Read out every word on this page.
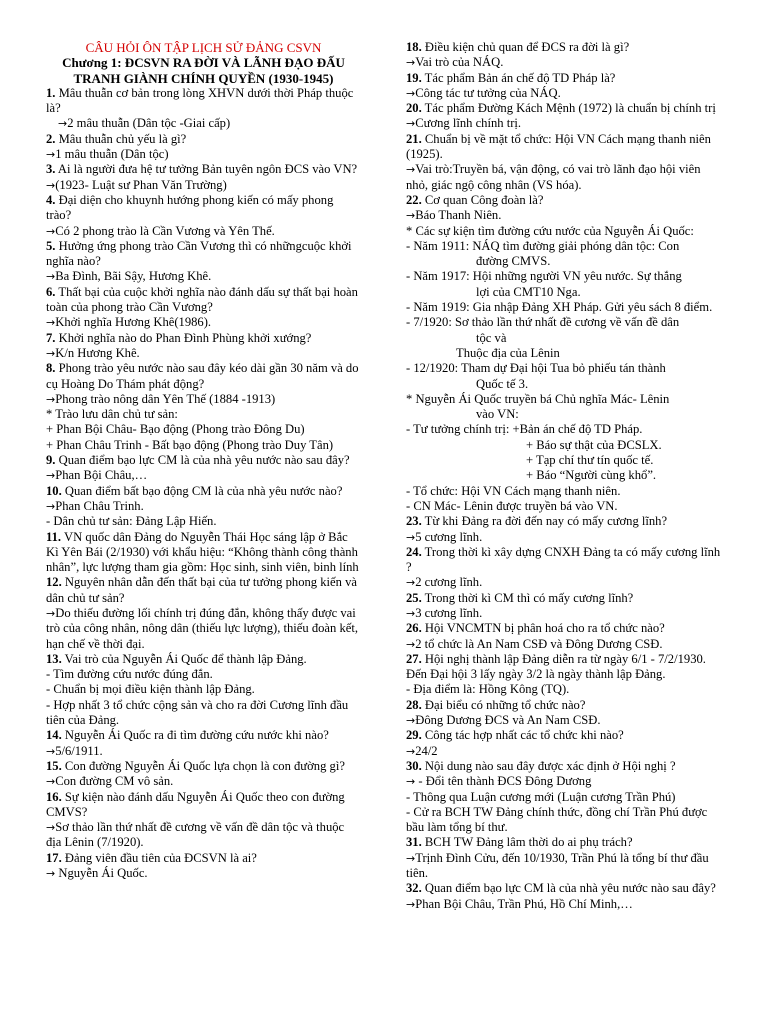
CÂU HỎI ÔN TẬP LỊCH SỬ ĐẢNG CSVN
Chương 1: ĐCSVN RA ĐỜI VÀ LÃNH ĐẠO ĐẤU TRANH GIÀNH CHÍNH QUYỀN (1930-1945)
1. Mâu thuẫn cơ bản trong lòng XHVN dưới thời Pháp thuộc là?
→2 mâu thuẫn (Dân tộc -Giai cấp)
2. Mâu thuẫn chủ yếu là gì?
→1 mâu thuẫn (Dân tộc)
3. Ai là người đưa hệ tư tưởng Bản tuyên ngôn ĐCS vào VN?
→(1923- Luật sư Phan Văn Trường)
4. Đại diện cho khuynh hướng phong kiến có mấy phong trào?
→Có 2 phong trào là Cần Vương và Yên Thế.
5. Hưởng ứng phong trào Cần Vương thì có nhữngcuộc khởi nghĩa nào?
→Ba Đình, Bãi Sậy, Hương Khê.
6. Thất bại của cuộc khởi nghĩa nào đánh dấu sự thất bại hoàn toàn của phong trào Cần Vương?
→Khởi nghĩa Hương Khê(1986).
7. Khởi nghĩa nào do Phan Đình Phùng khởi xướng?
→K/n Hương Khê.
8. Phong trào yêu nước nào sau đây kéo dài gần 30 năm và do cụ Hoàng Do Thám phát động?
→Phong trào nông dân Yên Thế (1884 -1913)
* Trào lưu dân chủ tư sản:
+ Phan Bội Châu- Bạo động (Phong trào Đông Du)
+ Phan Châu Trinh - Bất bạo động (Phong trào Duy Tân)
9. Quan điểm bạo lực CM là của nhà yêu nước nào sau đây?
→Phan Bội Châu,…
10. Quan điểm bất bạo động CM là của nhà yêu nước nào?
→Phan Châu Trinh.
- Dân chủ tư sản: Đảng Lập Hiến.
11. VN quốc dân Đảng do Nguyễn Thái Học sáng lập ở Bắc Kì Yên Bái (2/1930) với khẩu hiệu: “Không thành công thành nhân”, lực lượng tham gia gồm: Học sinh, sinh viên, binh lính
12. Nguyên nhân dẫn đến thất bại của tư tưởng phong kiến và dân chủ tư sản?
→Do thiếu đường lối chính trị đúng đắn, không thấy được vai trò của công nhân, nông dân (thiếu lực lượng), thiếu đoàn kết, hạn chế về thời đại.
13. Vai trò của Nguyễn Ái Quốc để thành lập Đảng.
- Tìm đường cứu nước đúng đắn.
- Chuẩn bị mọi điều kiện thành lập Đảng.
- Hợp nhất 3 tổ chức cộng sản và cho ra đời Cương lĩnh đầu tiên của Đảng.
14. Nguyễn Ái Quốc ra đi tìm đường cứu nước khi nào?
→5/6/1911.
15. Con đường Nguyễn Ái Quốc lựa chọn là con đường gì?
→Con đường CM vô sản.
16. Sự kiện nào đánh dấu Nguyễn Ái Quốc theo con đường CMVS?
→Sơ thảo lần thứ nhất đề cương về vấn đề dân tộc và thuộc địa Lênin (7/1920).
17. Đảng viên đầu tiên của ĐCSVN là ai?
→ Nguyễn Ái Quốc.
18. Điều kiện chủ quan để ĐCS ra đời là gì?
→Vai trò của NÁQ.
19. Tác phẩm Bản án chế độ TD Pháp là?
→Công tác tư tưởng của NÁQ.
20. Tác phẩm Đường Kách Mệnh (1972) là chuẩn bị chính trị
→Cương lĩnh chính trị.
21. Chuẩn bị về mặt tổ chức: Hội VN Cách mạng thanh niên (1925).
→Vai trò:Truyền bá, vận động, có vai trò lãnh đạo hội viên nhỏ, giác ngộ công nhân (VS hóa).
22. Cơ quan Công đoàn là?
→Báo Thanh Niên.
* Các sự kiện tìm đường cứu nước của Nguyễn Ái Quốc:
- Năm 1911: NÁQ tìm đường giải phóng dân tộc: Con
đường CMVS.
- Năm 1917: Hội những người VN yêu nước. Sự thắng
lợi của CMT10 Nga.
- Năm 1919: Gia nhập Đảng XH Pháp. Gửi yêu sách 8 điểm.
- 7/1920: Sơ thảo lần thứ nhất đề cương về vấn đề dân
tộc và
Thuộc địa của Lênin
- 12/1920: Tham dự Đại hội Tua bỏ phiếu tán thành
Quốc tế 3.
* Nguyễn Ái Quốc truyền bá Chủ nghĩa Mác- Lênin
vào VN:
- Tư tưởng chính trị: +Bản án chế độ TD Pháp.
+ Báo sự thật của ĐCSLX.
+ Tạp chí thư tín quốc tế.
+ Báo “Người cùng khổ”.
- Tổ chức: Hội VN Cách mạng thanh niên.
- CN Mác- Lênin được truyền bá vào VN.
23. Từ khi Đảng ra đời đến nay có mấy cương lĩnh?
→5 cương lĩnh.
24. Trong thời kì xây dựng CNXH Đảng ta có mấy cương lĩnh ?
→2 cương lĩnh.
25. Trong thời kì CM thì có mấy cương lĩnh?
→3 cương lĩnh.
26. Hội VNCMTN bị phân hoá cho ra tổ chức nào?
→2 tổ chức là An Nam CSĐ và Đông Dương CSĐ.
27. Hội nghị thành lập Đảng diễn ra từ ngày 6/1 - 7/2/1930. Đến Đại hội 3 lấy ngày 3/2 là ngày thành lập Đảng.
- Địa điểm là: Hồng Kông (TQ).
28. Đại biểu có những tổ chức nào?
→Đông Dương ĐCS và An Nam CSĐ.
29. Công tác hợp nhất các tổ chức khi nào?
→24/2
30. Nội dung nào sau đây được xác định ở Hội nghị ?
→ - Đổi tên thành ĐCS Đông Dương
- Thông qua Luận cương mới (Luận cương Trần Phú)
- Cử ra BCH TW Đảng chính thức, đồng chí Trần Phú được bầu làm tổng bí thư.
31. BCH TW Đảng lâm thời do ai phụ trách?
→Trịnh Đình Cửu, đến 10/1930, Trần Phú là tổng bí thư đầu tiên.
32. Quan điểm bạo lực CM là của nhà yêu nước nào sau đây?
→Phan Bội Châu, Trần Phú, Hồ Chí Minh,…
